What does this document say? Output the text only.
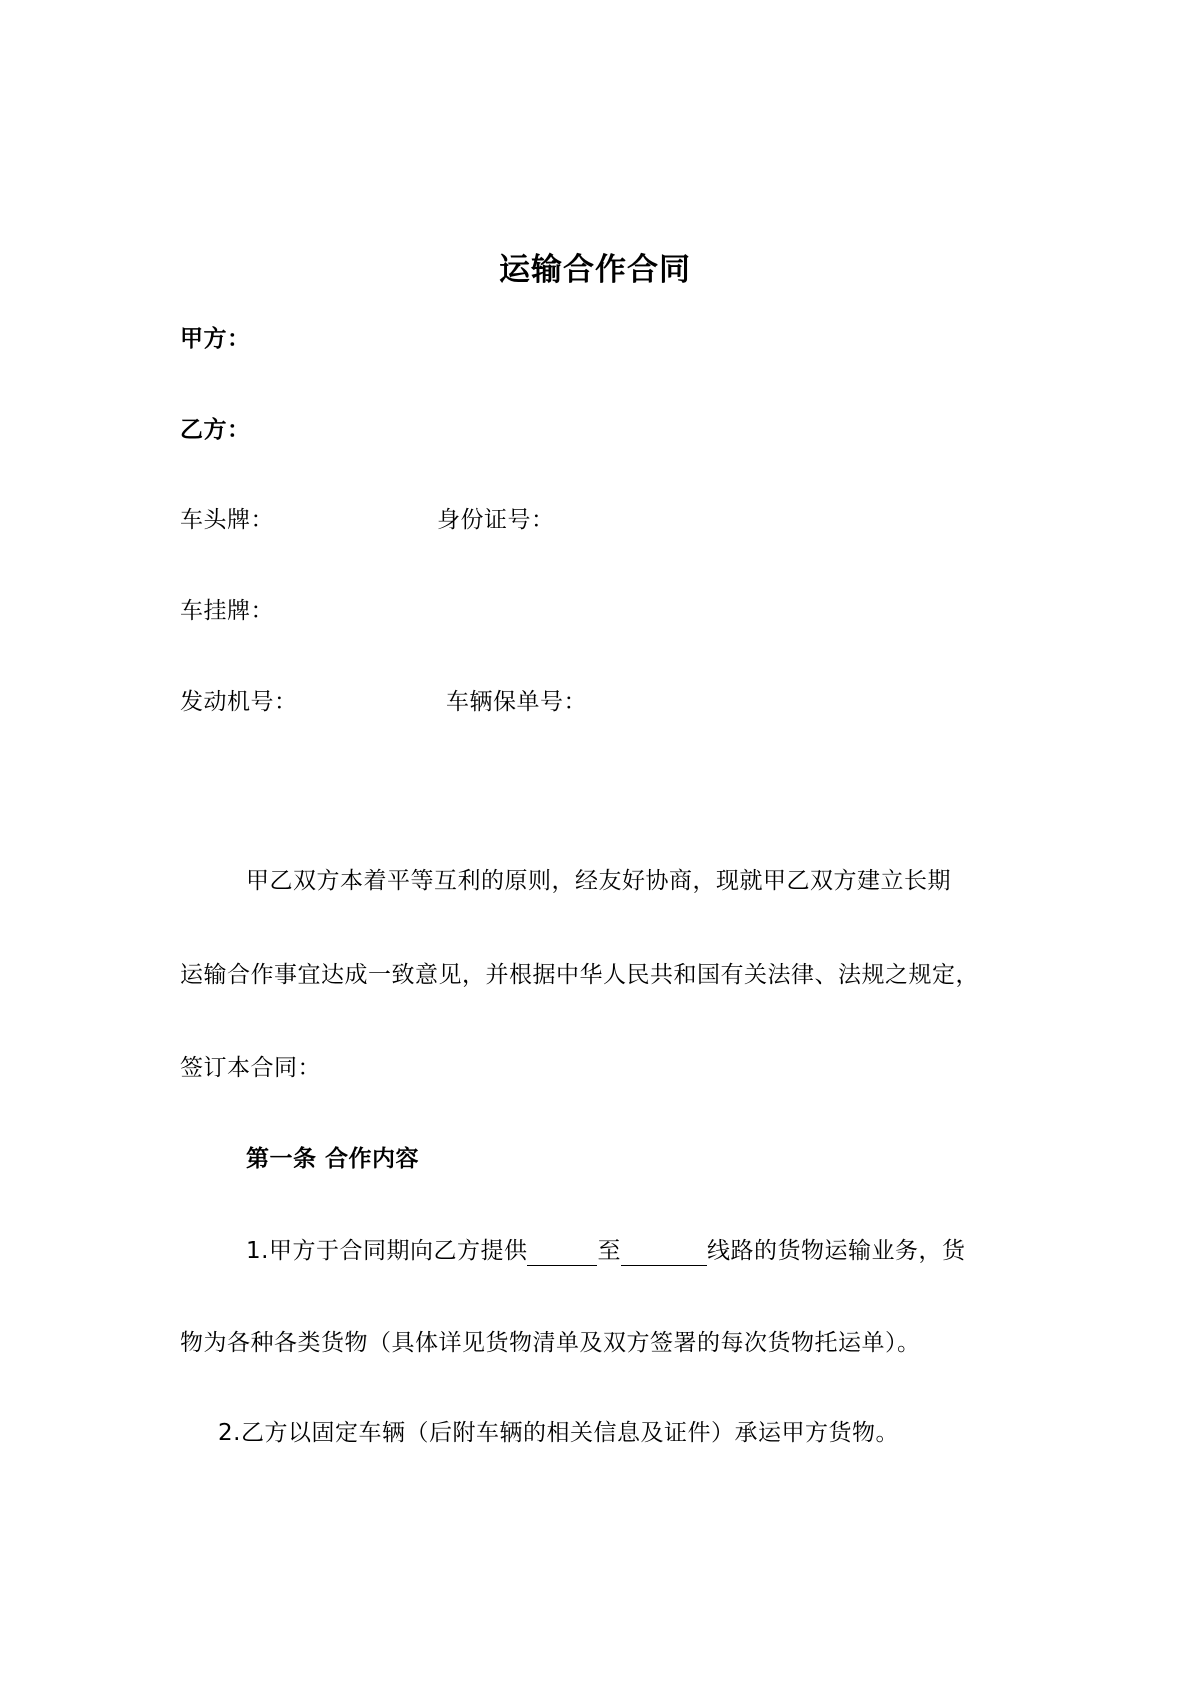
运输合作合同
甲方：
乙方：
车头牌：	身份证号：
车挂牌：
发动机号：	车辆保单号：
甲乙双方本着平等互利的原则，经友好协商，现就甲乙双方建立长期
运输合作事宜达成一致意见，并根据中华人民共和国有关法律、法规之规定，
签订本合同：
第一条 合作内容
1.甲方于合同期向乙方提供	至	线路的货物运输业务，货
物为各种各类货物（具体详见货物清单及双方签署的每次货物托运单）。
2.乙方以固定车辆（后附车辆的相关信息及证件）承运甲方货物。
